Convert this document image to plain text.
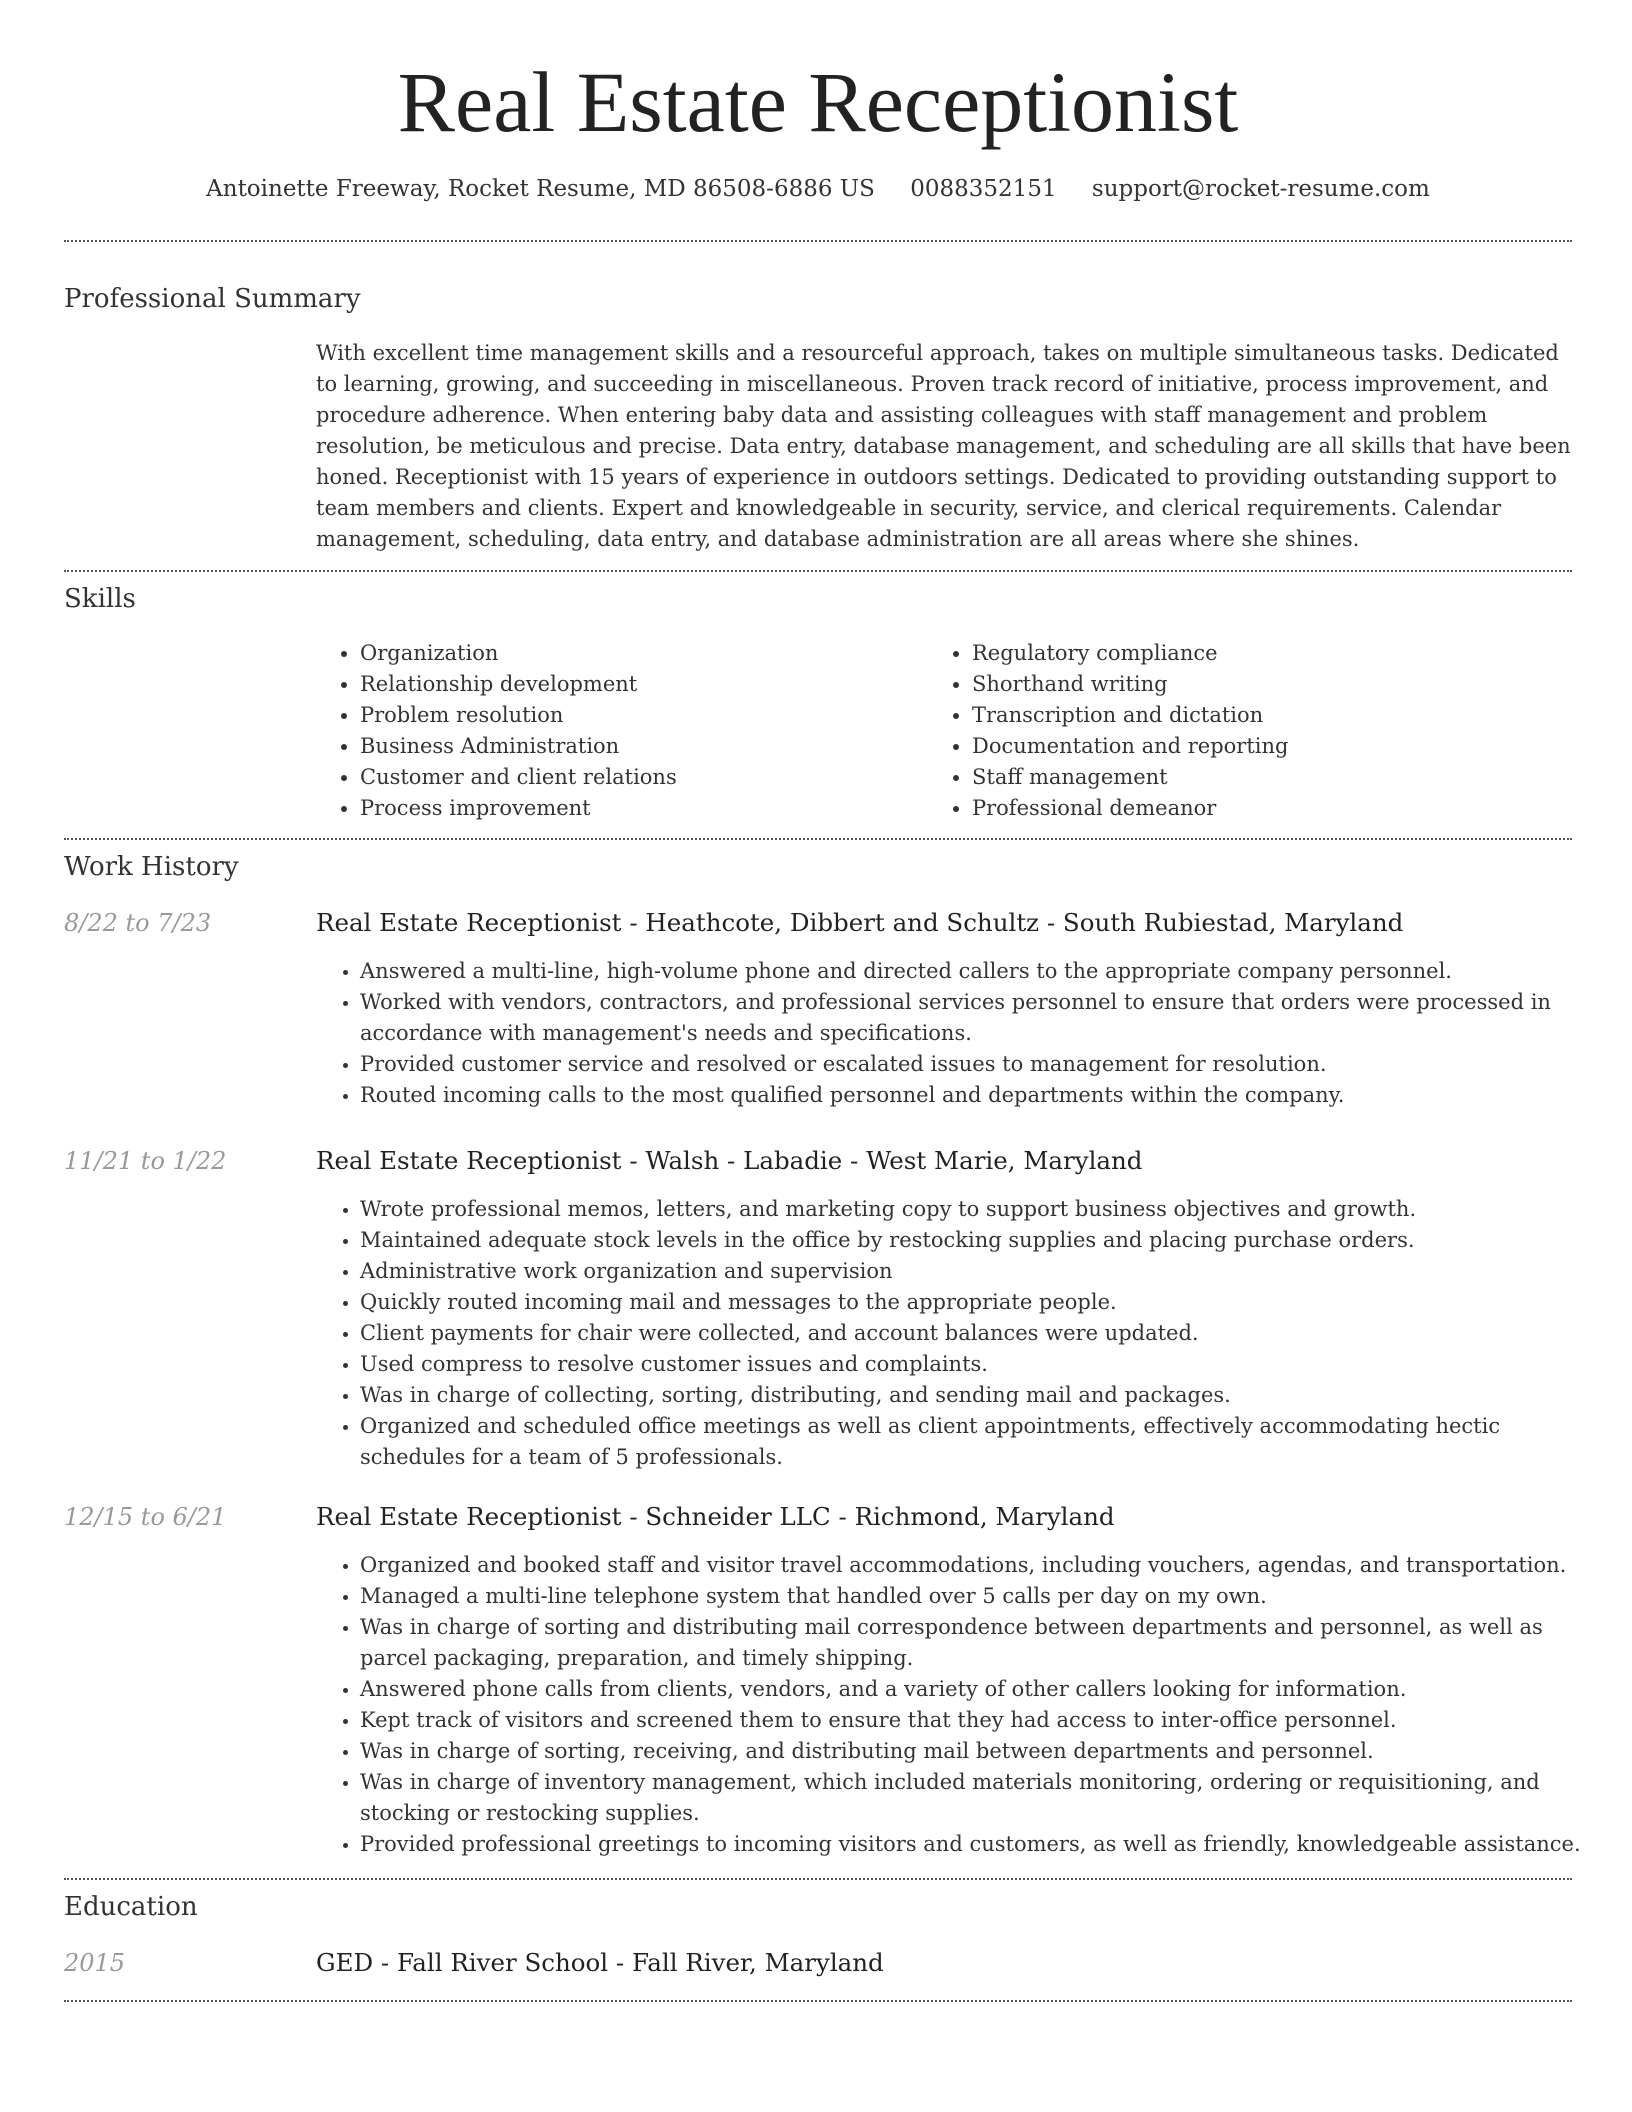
Real Estate Receptionist
Antoinette Freeway, Rocket Resume, MD 86508-6886 US 0088352151 support@rocket-resume.com
Professional Summary
With excellent time management skills and a resourceful approach, takes on multiple simultaneous tasks. Dedicated to learning, growing, and succeeding in miscellaneous. Proven track record of initiative, process improvement, and procedure adherence. When entering baby data and assisting colleagues with staff management and problem resolution, be meticulous and precise. Data entry, database management, and scheduling are all skills that have been honed. Receptionist with 15 years of experience in outdoors settings. Dedicated to providing outstanding support to team members and clients. Expert and knowledgeable in security, service, and clerical requirements. Calendar management, scheduling, data entry, and database administration are all areas where she shines.
Skills
• Organization
• Relationship development
• Problem resolution
• Business Administration
• Customer and client relations
• Process improvement
• Regulatory compliance
• Shorthand writing
• Transcription and dictation
• Documentation and reporting
• Staff management
• Professional demeanor
Work History
8/22 to 7/23	Real Estate Receptionist - Heathcote, Dibbert and Schultz - South Rubiestad, Maryland
• Answered a multi-line, high-volume phone and directed callers to the appropriate company personnel.
• Worked with vendors, contractors, and professional services personnel to ensure that orders were processed in accordance with management's needs and specifications.
• Provided customer service and resolved or escalated issues to management for resolution.
• Routed incoming calls to the most qualified personnel and departments within the company.
11/21 to 1/22	Real Estate Receptionist - Walsh - Labadie - West Marie, Maryland
• Wrote professional memos, letters, and marketing copy to support business objectives and growth.
• Maintained adequate stock levels in the office by restocking supplies and placing purchase orders.
• Administrative work organization and supervision
• Quickly routed incoming mail and messages to the appropriate people.
• Client payments for chair were collected, and account balances were updated.
• Used compress to resolve customer issues and complaints.
• Was in charge of collecting, sorting, distributing, and sending mail and packages.
• Organized and scheduled office meetings as well as client appointments, effectively accommodating hectic schedules for a team of 5 professionals.
12/15 to 6/21	Real Estate Receptionist - Schneider LLC - Richmond, Maryland
• Organized and booked staff and visitor travel accommodations, including vouchers, agendas, and transportation.
• Managed a multi-line telephone system that handled over 5 calls per day on my own.
• Was in charge of sorting and distributing mail correspondence between departments and personnel, as well as parcel packaging, preparation, and timely shipping.
• Answered phone calls from clients, vendors, and a variety of other callers looking for information.
• Kept track of visitors and screened them to ensure that they had access to inter-office personnel.
• Was in charge of sorting, receiving, and distributing mail between departments and personnel.
• Was in charge of inventory management, which included materials monitoring, ordering or requisitioning, and stocking or restocking supplies.
• Provided professional greetings to incoming visitors and customers, as well as friendly, knowledgeable assistance.
Education
2015	GED - Fall River School - Fall River, Maryland
